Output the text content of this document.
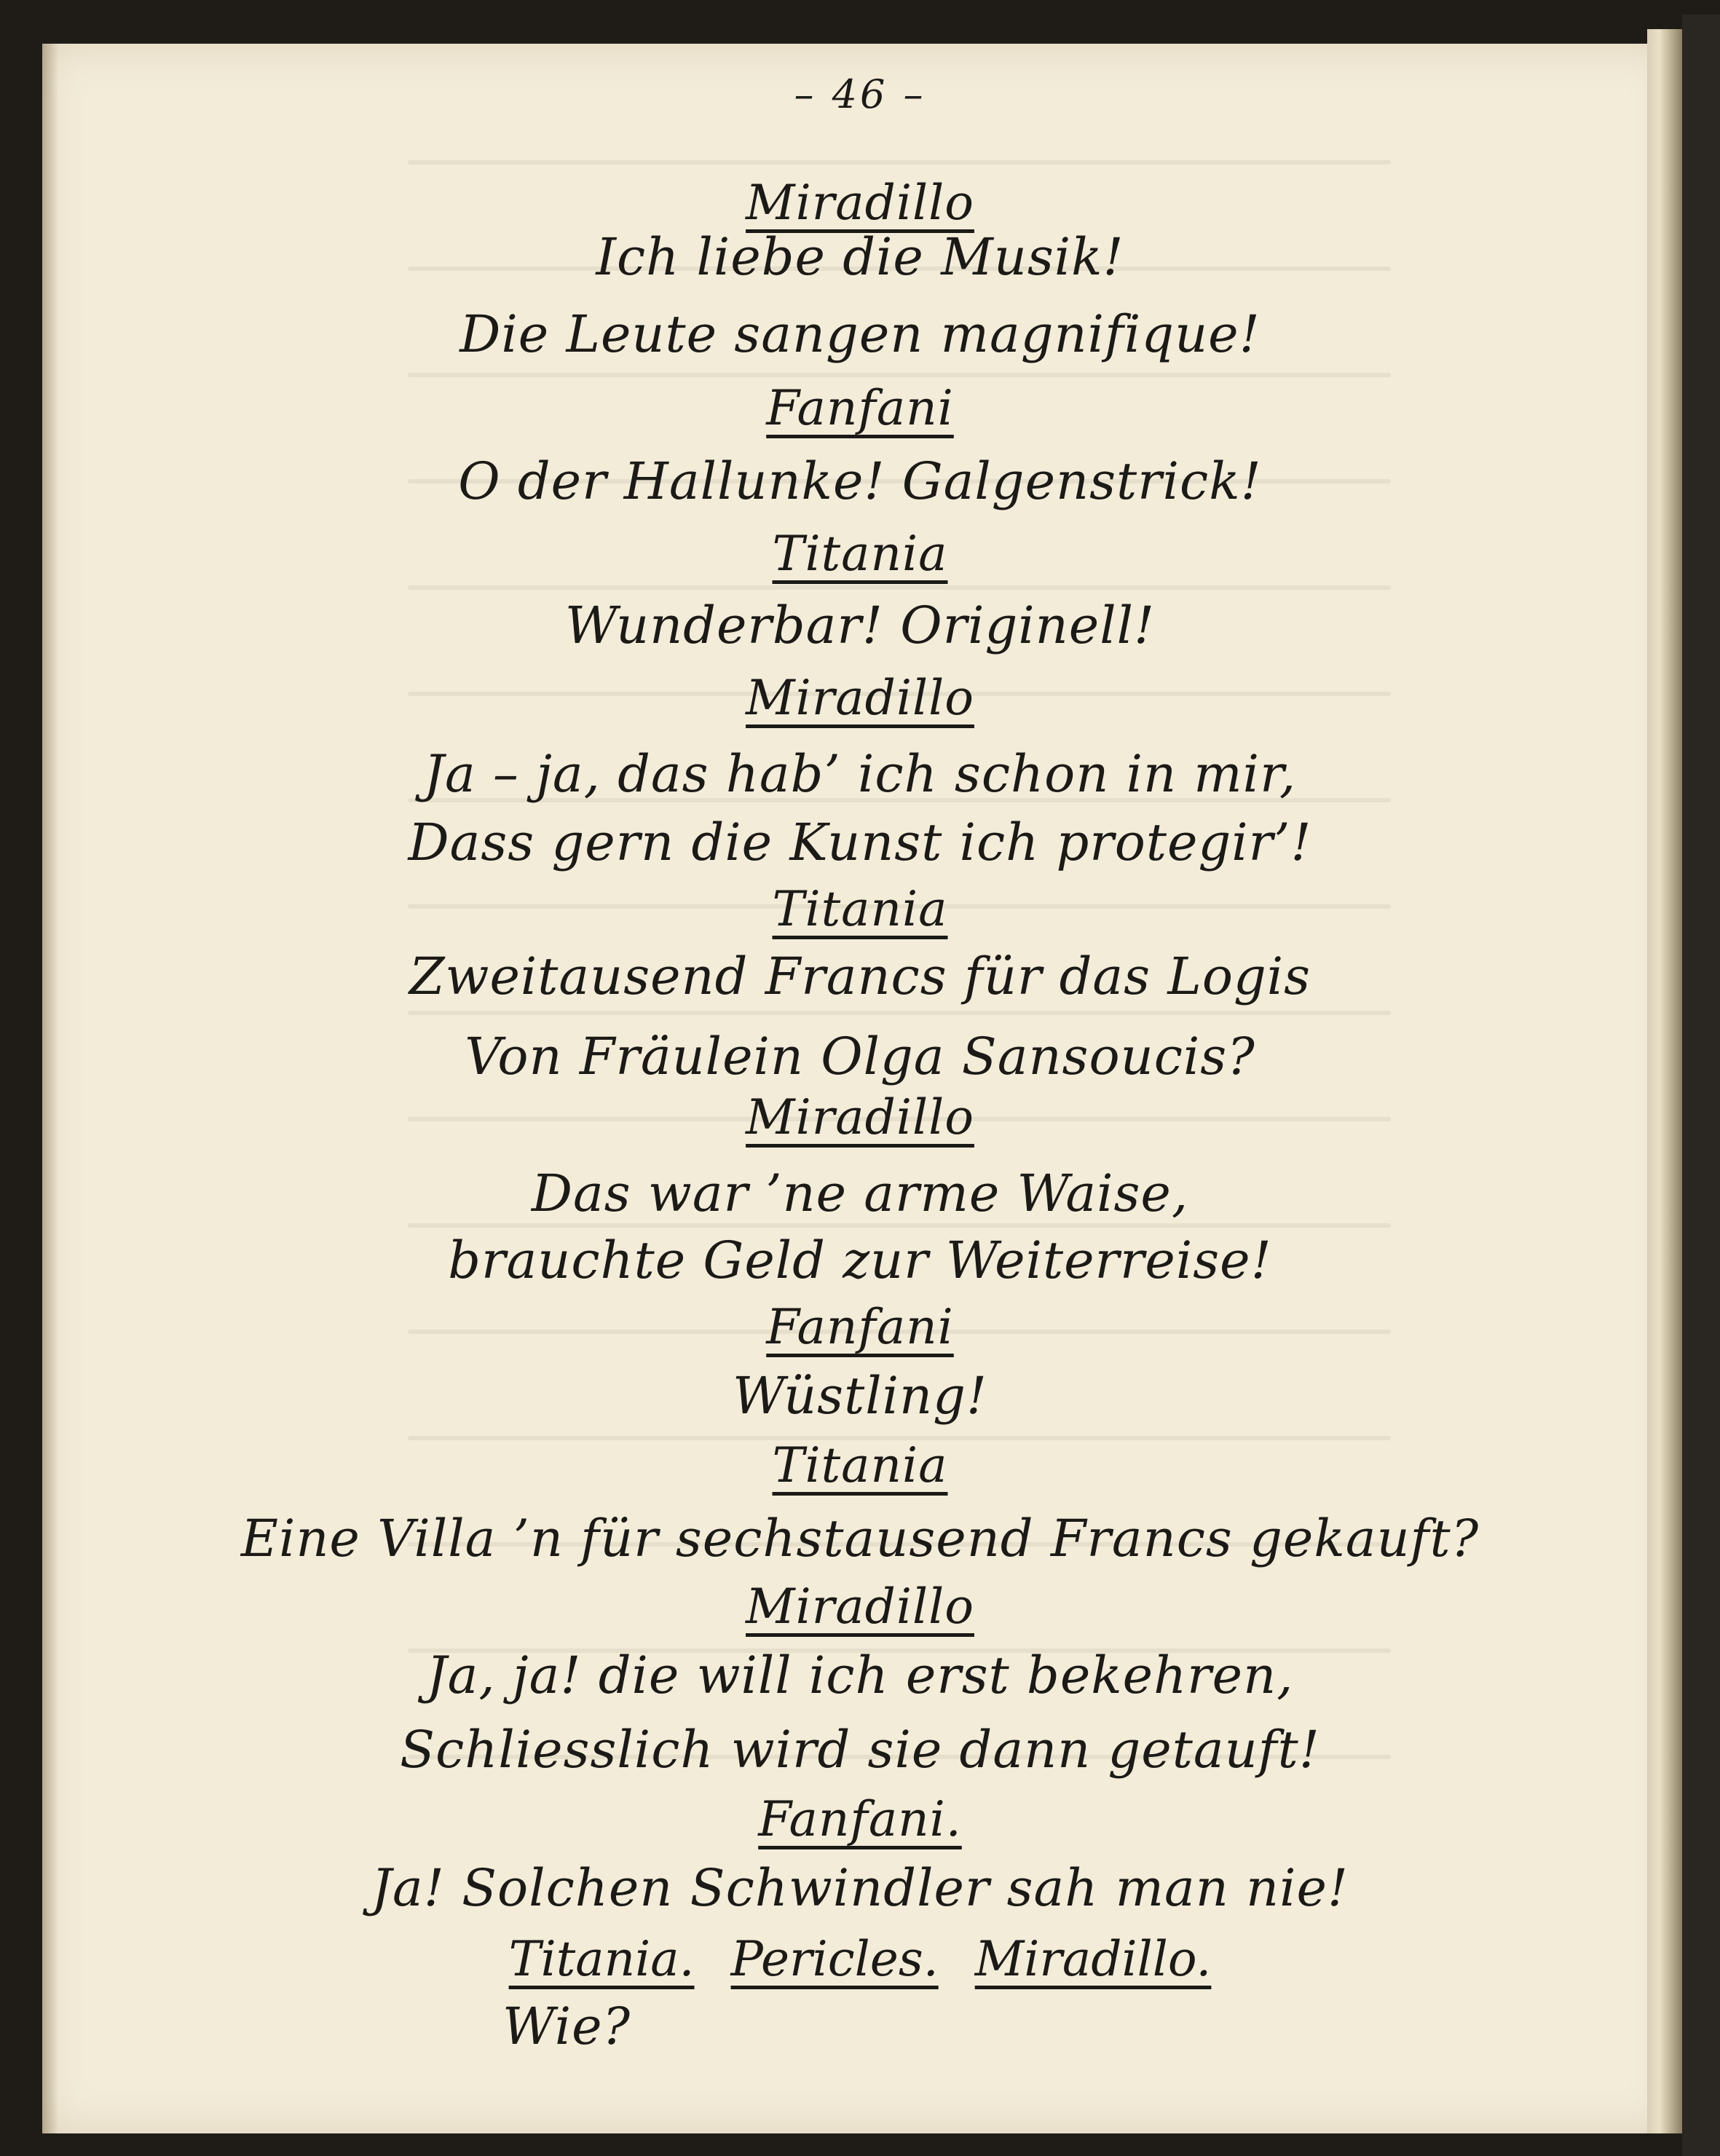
– 46 –
Miradillo
Ich liebe die Musik!
Die Leute sangen magnifique!
Fanfani
O der Hallunke! Galgenstrick!
Titania
Wunderbar! Originell!
Miradillo
Ja – ja, das hab’ ich schon in mir,
Dass gern die Kunst ich protegir’!
Titania
Zweitausend Francs für das Logis
Von Fräulein Olga Sansoucis?
Miradillo
Das war ’ne arme Waise,
brauchte Geld zur Weiterreise!
Fanfani
Wüstling!
Titania
Eine Villa ’n für sechstausend Francs gekauft?
Miradillo
Ja, ja! die will ich erst bekehren,
Schliesslich wird sie dann getauft!
Fanfani.
Ja! Solchen Schwindler sah man nie!
Titania. Pericles. Miradillo.
Wie?
